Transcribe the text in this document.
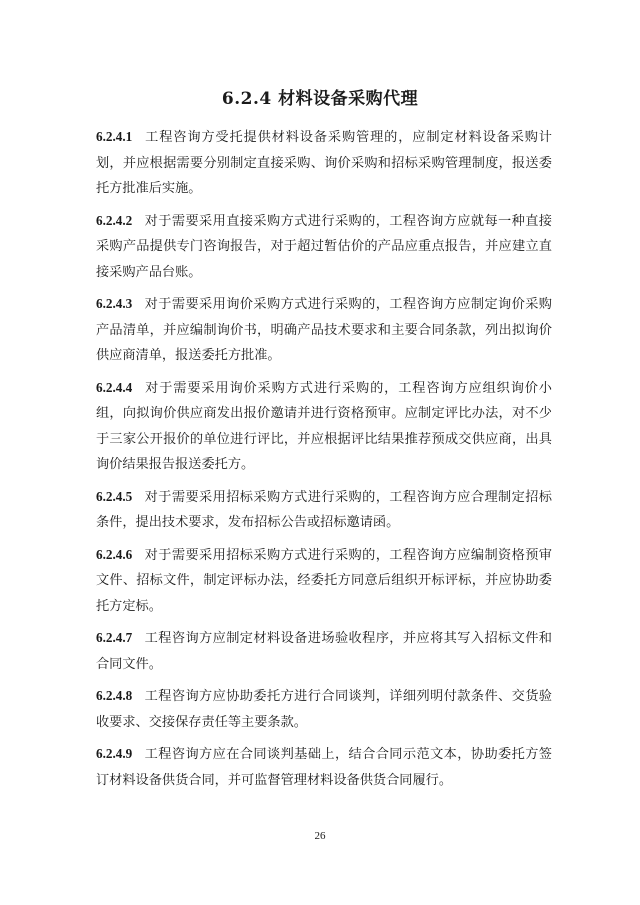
6.2.4 材料设备采购代理

6.2.4.1 工程咨询方受托提供材料设备采购管理的，应制定材料设备采购计划，并应根据需要分别制定直接采购、询价采购和招标采购管理制度，报送委托方批准后实施。

6.2.4.2 对于需要采用直接采购方式进行采购的，工程咨询方应就每一种直接采购产品提供专门咨询报告，对于超过暂估价的产品应重点报告，并应建立直接采购产品台账。

6.2.4.3 对于需要采用询价采购方式进行采购的，工程咨询方应制定询价采购产品清单，并应编制询价书，明确产品技术要求和主要合同条款，列出拟询价供应商清单，报送委托方批准。

6.2.4.4 对于需要采用询价采购方式进行采购的，工程咨询方应组织询价小组，向拟询价供应商发出报价邀请并进行资格预审。应制定评比办法，对不少于三家公开报价的单位进行评比，并应根据评比结果推荐预成交供应商，出具询价结果报告报送委托方。

6.2.4.5 对于需要采用招标采购方式进行采购的，工程咨询方应合理制定招标条件，提出技术要求，发布招标公告或招标邀请函。

6.2.4.6 对于需要采用招标采购方式进行采购的，工程咨询方应编制资格预审文件、招标文件，制定评标办法，经委托方同意后组织开标评标，并应协助委托方定标。

6.2.4.7 工程咨询方应制定材料设备进场验收程序，并应将其写入招标文件和合同文件。

6.2.4.8 工程咨询方应协助委托方进行合同谈判，详细列明付款条件、交货验收要求、交接保存责任等主要条款。

6.2.4.9 工程咨询方应在合同谈判基础上，结合合同示范文本，协助委托方签订材料设备供货合同，并可监督管理材料设备供货合同履行。

26
